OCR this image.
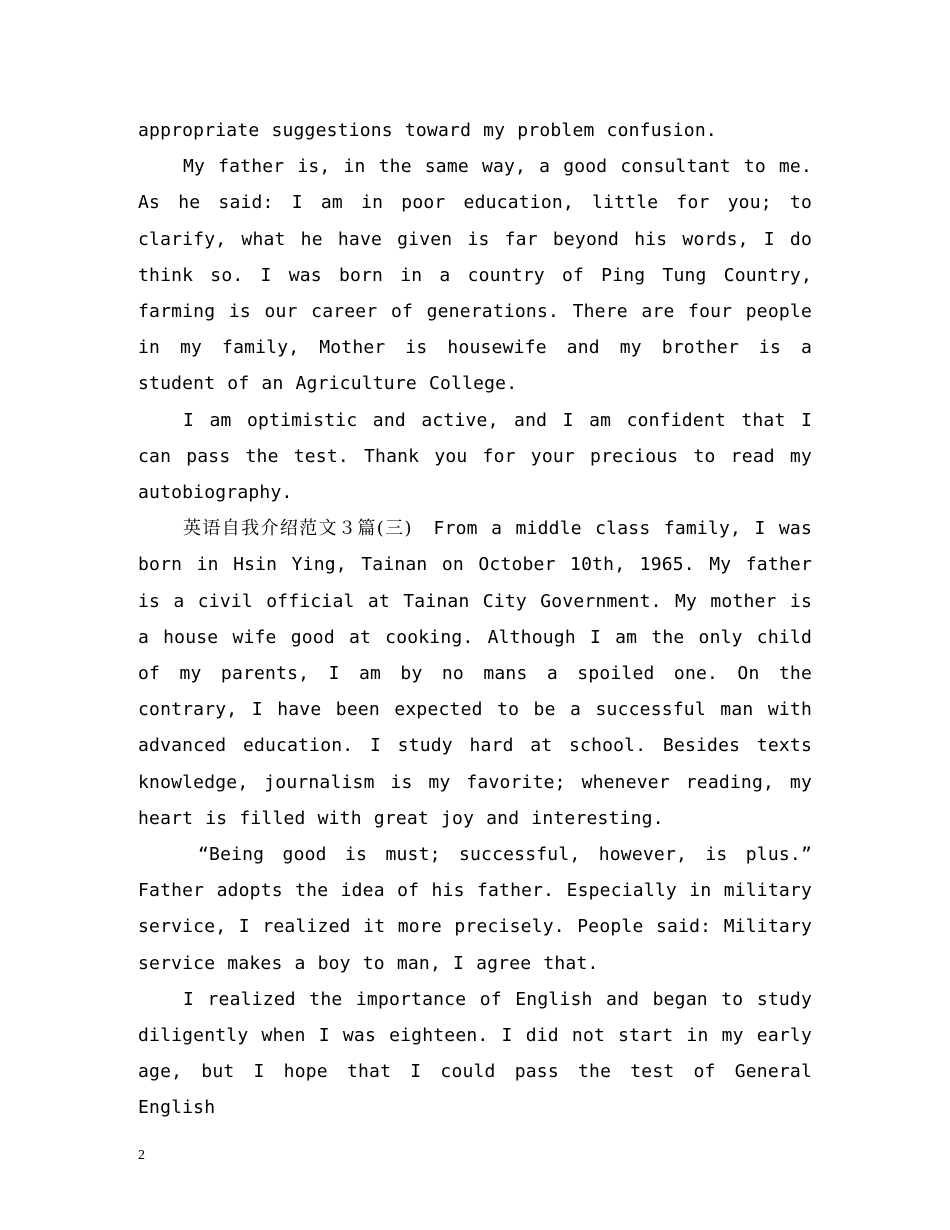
appropriate suggestions toward my problem confusion.

My father is, in the same way, a good consultant to me. As he said: I am in poor education, little for you; to clarify, what he have given is far beyond his words, I do think so. I was born in a country of Ping Tung Country, farming is our career of generations. There are four people in my family, Mother is housewife and my brother is a student of an Agriculture College.

I am optimistic and active, and I am confident that I can pass the test. Thank you for your precious to read my autobiography.

英语自我介绍范文３篇(三) From a middle class family, I was born in Hsin Ying, Tainan on October 10th, 1965. My father is a civil official at Tainan City Government. My mother is a house wife good at cooking. Although I am the only child of my parents, I am by no mans a spoiled one. On the contrary, I have been expected to be a successful man with advanced education. I study hard at school. Besides texts knowledge, journalism is my favorite; whenever reading, my heart is filled with great joy and interesting.

“Being good is must; successful, however, is plus.” Father adopts the idea of his father. Especially in military service, I realized it more precisely. People said: Military service makes a boy to man, I agree that.

I realized the importance of English and began to study diligently when I was eighteen. I did not start in my early age, but I hope that I could pass the test of General English

2
